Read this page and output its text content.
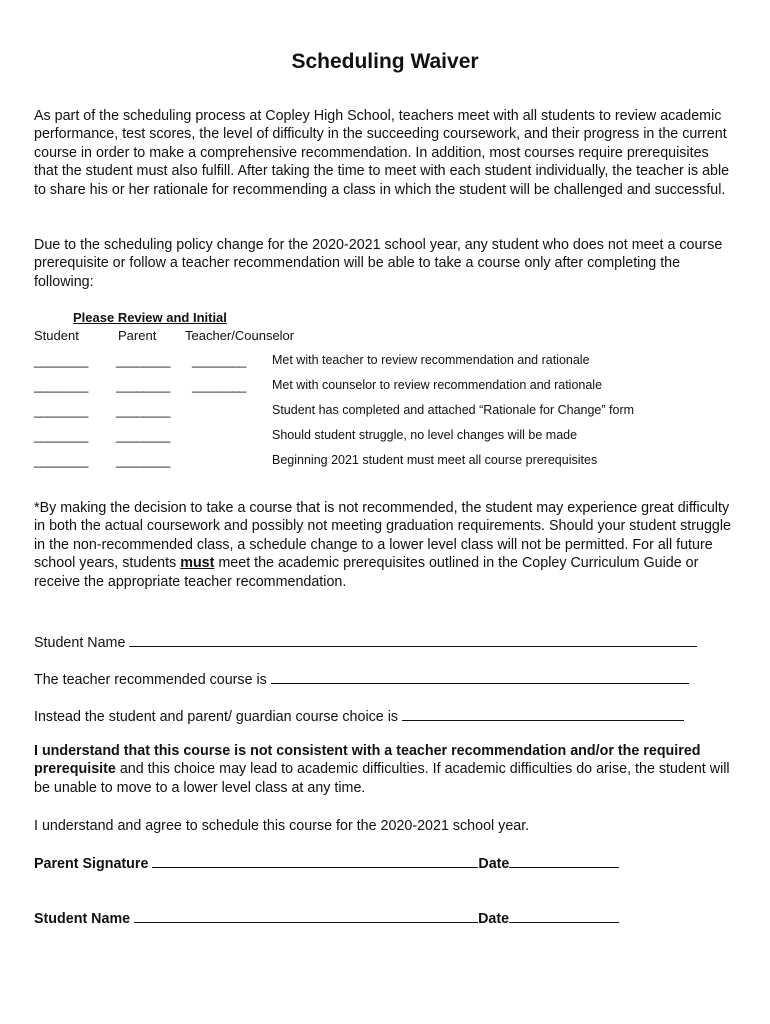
Scheduling Waiver

As part of the scheduling process at Copley High School, teachers meet with all students to review academic performance, test scores, the level of difficulty in the succeeding coursework, and their progress in the current course in order to make a comprehensive recommendation. In addition, most courses require prerequisites that the student must also fulfill. After taking the time to meet with each student individually, the teacher is able to share his or her rationale for recommending a class in which the student will be challenged and successful.

Due to the scheduling policy change for the 2020-2021 school year, any student who does not meet a course prerequisite or follow a teacher recommendation will be able to take a course only after completing the following:

Please Review and Initial
Student	Parent Teacher/Counselor
________ ________ ________ Met with teacher to review recommendation and rationale
________ ________ ________ Met with counselor to review recommendation and rationale
________ ________	Student has completed and attached “Rationale for Change” form
________ ________	Should student struggle, no level changes will be made
________ ________	Beginning 2021 student must meet all course prerequisites

*By making the decision to take a course that is not recommended, the student may experience great difficulty in both the actual coursework and possibly not meeting graduation requirements. Should your student struggle in the non-recommended class, a schedule change to a lower level class will not be permitted. For all future school years, students must meet the academic prerequisites outlined in the Copley Curriculum Guide or receive the appropriate teacher recommendation.

Student Name
The teacher recommended course is
Instead the student and parent/ guardian course choice is

I understand that this course is not consistent with a teacher recommendation and/or the required prerequisite and this choice may lead to academic difficulties. If academic difficulties do arise, the student will be unable to move to a lower level class at any time.

I understand and agree to schedule this course for the 2020-2021 school year.

Parent Signature	Date
Student Name	Date
